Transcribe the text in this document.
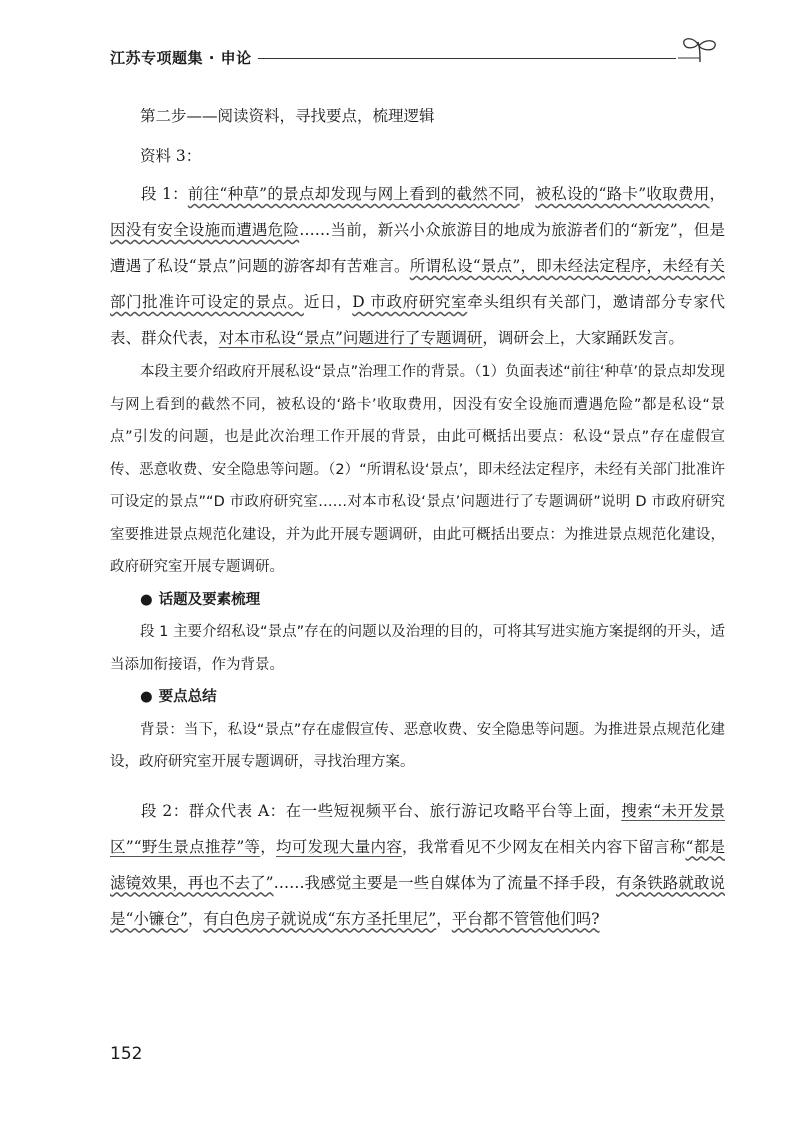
江苏专项题集 · 申论

第二步——阅读资料，寻找要点，梳理逻辑

资料 3：

段 1：前往“种草”的景点却发现与网上看到的截然不同，被私设的“路卡”收取费用，因没有安全设施而遭遇危险……当前，新兴小众旅游目的地成为旅游者们的“新宠”，但是遭遇了私设“景点”问题的游客却有苦难言。所谓私设“景点”，即未经法定程序，未经有关部门批准许可设定的景点。近日，D 市政府研究室牵头组织有关部门，邀请部分专家代表、群众代表，对本市私设“景点”问题进行了专题调研，调研会上，大家踊跃发言。

本段主要介绍政府开展私设“景点”治理工作的背景。（1）负面表述“前往‘种草’的景点却发现与网上看到的截然不同，被私设的‘路卡’收取费用，因没有安全设施而遭遇危险”都是私设“景点”引发的问题，也是此次治理工作开展的背景，由此可概括出要点：私设“景点”存在虚假宣传、恶意收费、安全隐患等问题。（2）“所谓私设‘景点’，即未经法定程序，未经有关部门批准许可设定的景点”“D 市政府研究室……对本市私设‘景点’问题进行了专题调研”说明 D 市政府研究室要推进景点规范化建设，并为此开展专题调研，由此可概括出要点：为推进景点规范化建设，政府研究室开展专题调研。

● 话题及要素梳理

段 1 主要介绍私设“景点”存在的问题以及治理的目的，可将其写进实施方案提纲的开头，适当添加衔接语，作为背景。

● 要点总结

背景：当下，私设“景点”存在虚假宣传、恶意收费、安全隐患等问题。为推进景点规范化建设，政府研究室开展专题调研，寻找治理方案。

段 2：群众代表 A：在一些短视频平台、旅行游记攻略平台等上面，搜索“未开发景区”“野生景点推荐”等，均可发现大量内容，我常看见不少网友在相关内容下留言称“都是滤镜效果，再也不去了”……我感觉主要是一些自媒体为了流量不择手段，有条铁路就敢说是“小镰仓”，有白色房子就说成“东方圣托里尼”，平台都不管管他们吗?

152
